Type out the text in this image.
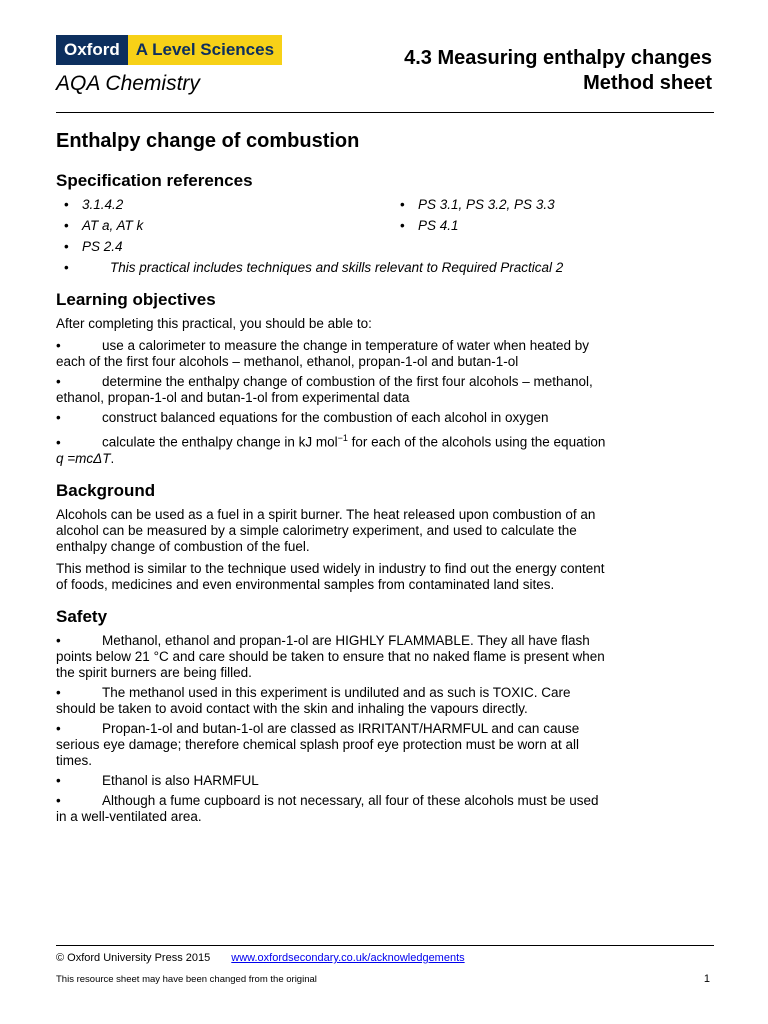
Oxford A Level Sciences
AQA Chemistry
4.3 Measuring enthalpy changes
Method sheet
Enthalpy change of combustion
Specification references
• 3.1.4.2	• PS 3.1, PS 3.2, PS 3.3
• AT a, AT k	• PS 4.1
• PS 2.4
•	This practical includes techniques and skills relevant to Required Practical 2
Learning objectives

After completing this practical, you should be able to:

•	use a calorimeter to measure the change in temperature of water when heated by each of the first four alcohols – methanol, ethanol, propan-1-ol and butan-1-ol
•	determine the enthalpy change of combustion of the first four alcohols – methanol, ethanol, propan-1-ol and butan-1-ol from experimental data
•	construct balanced equations for the combustion of each alcohol in oxygen
•	calculate the enthalpy change in kJ mol$^{-1}$ for each of the alcohols using the equation q =mcΔT.
Background

Alcohols can be used as a fuel in a spirit burner. The heat released upon combustion of an alcohol can be measured by a simple calorimetry experiment, and used to calculate the enthalpy change of combustion of the fuel.

This method is similar to the technique used widely in industry to find out the energy content of foods, medicines and even environmental samples from contaminated land sites.

Safety
•	Methanol, ethanol and propan-1-ol are HIGHLY FLAMMABLE. They all have flash points below 21 °C and care should be taken to ensure that no naked flame is present when the spirit burners are being filled.
•	The methanol used in this experiment is undiluted and as such is TOXIC. Care should be taken to avoid contact with the skin and inhaling the vapours directly.
•	Propan-1-ol and butan-1-ol are classed as IRRITANT/HARMFUL and can cause serious eye damage; therefore chemical splash proof eye protection must be worn at all times.
•	Ethanol is also HARMFUL
•	Although a fume cupboard is not necessary, all four of these alcohols must be used in a well-ventilated area.
© Oxford University Press 2015 www.oxfordsecondary.co.uk/acknowledgements
This resource sheet may have been changed from the original	1
